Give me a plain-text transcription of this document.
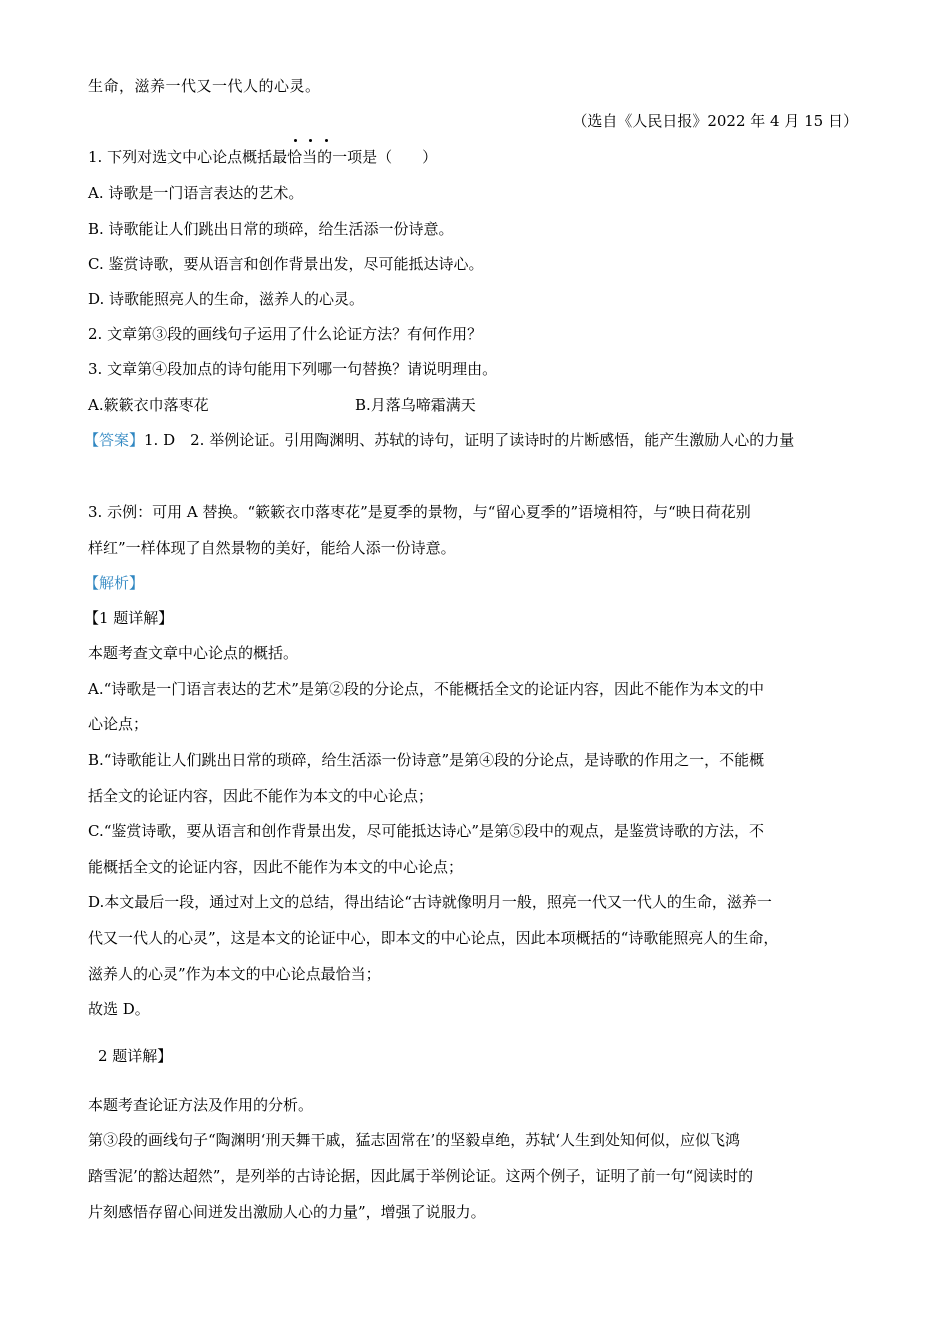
生命，滋养一代又一代人的心灵。
（选自《人民日报》2022 年 4 月 15 日）
1. 下列对选文中心论点概括最恰当的一项是（　　）
A. 诗歌是一门语言表达的艺术。
B. 诗歌能让人们跳出日常的琐碎，给生活添一份诗意。
C. 鉴赏诗歌，要从语言和创作背景出发，尽可能抵达诗心。
D. 诗歌能照亮人的生命，滋养人的心灵。
2. 文章第③段的画线句子运用了什么论证方法？有何作用？
3. 文章第④段加点的诗句能用下列哪一句替换？请说明理由。
A.簌簌衣巾落枣花	B.月落乌啼霜满天
【答案】1. D　2. 举例论证。引用陶渊明、苏轼的诗句，证明了读诗时的片断感悟，能产生激励人心的力量
3. 示例：可用 A 替换。“簌簌衣巾落枣花”是夏季的景物，与“留心夏季的”语境相符，与“映日荷花别
样红”一样体现了自然景物的美好，能给人添一份诗意。
【解析】
【1 题详解】
本题考查文章中心论点的概括。
A.“诗歌是一门语言表达的艺术”是第②段的分论点，不能概括全文的论证内容，因此不能作为本文的中
心论点；
B.“诗歌能让人们跳出日常的琐碎，给生活添一份诗意”是第④段的分论点，是诗歌的作用之一，不能概
括全文的论证内容，因此不能作为本文的中心论点；
C.“鉴赏诗歌，要从语言和创作背景出发，尽可能抵达诗心”是第⑤段中的观点，是鉴赏诗歌的方法，不
能概括全文的论证内容，因此不能作为本文的中心论点；
D.本文最后一段，通过对上文的总结，得出结论“古诗就像明月一般，照亮一代又一代人的生命，滋养一
代又一代人的心灵”，这是本文的论证中心，即本文的中心论点，因此本项概括的“诗歌能照亮人的生命，
滋养人的心灵”作为本文的中心论点最恰当；
故选 D。
2 题详解】
本题考查论证方法及作用的分析。
第③段的画线句子“陶渊明‘刑天舞干戚，猛志固常在’的坚毅卓绝，苏轼‘人生到处知何似，应似飞鸿
踏雪泥’的豁达超然”，是列举的古诗论据，因此属于举例论证。这两个例子，证明了前一句“阅读时的
片刻感悟存留心间迸发出激励人心的力量”，增强了说服力。
